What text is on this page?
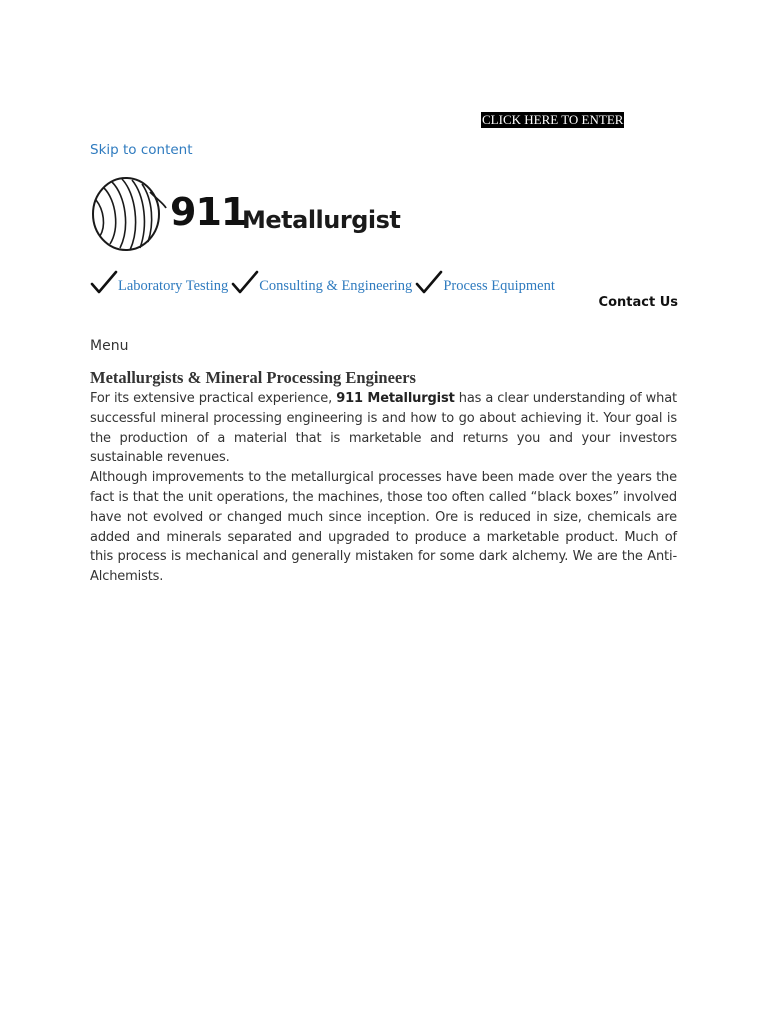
CLICK HERE TO ENTER
Skip to content
911
Metallurgist
Laboratory Testing Consulting & Engineering Process Equipment
Contact Us
Menu
Metallurgists & Mineral Processing Engineers

For its extensive practical experience, 911 Metallurgist has a clear understanding of what successful mineral processing engineering is and how to go about achieving it. Your goal is the production of a material that is marketable and returns you and your investors sustainable revenues.

Although improvements to the metallurgical processes have been made over the years the fact is that the unit operations, the machines, those too often called “black boxes” involved have not evolved or changed much since inception. Ore is reduced in size, chemicals are added and minerals separated and upgraded to produce a marketable product. Much of this process is mechanical and generally mistaken for some dark alchemy. We are the Anti-Alchemists.
